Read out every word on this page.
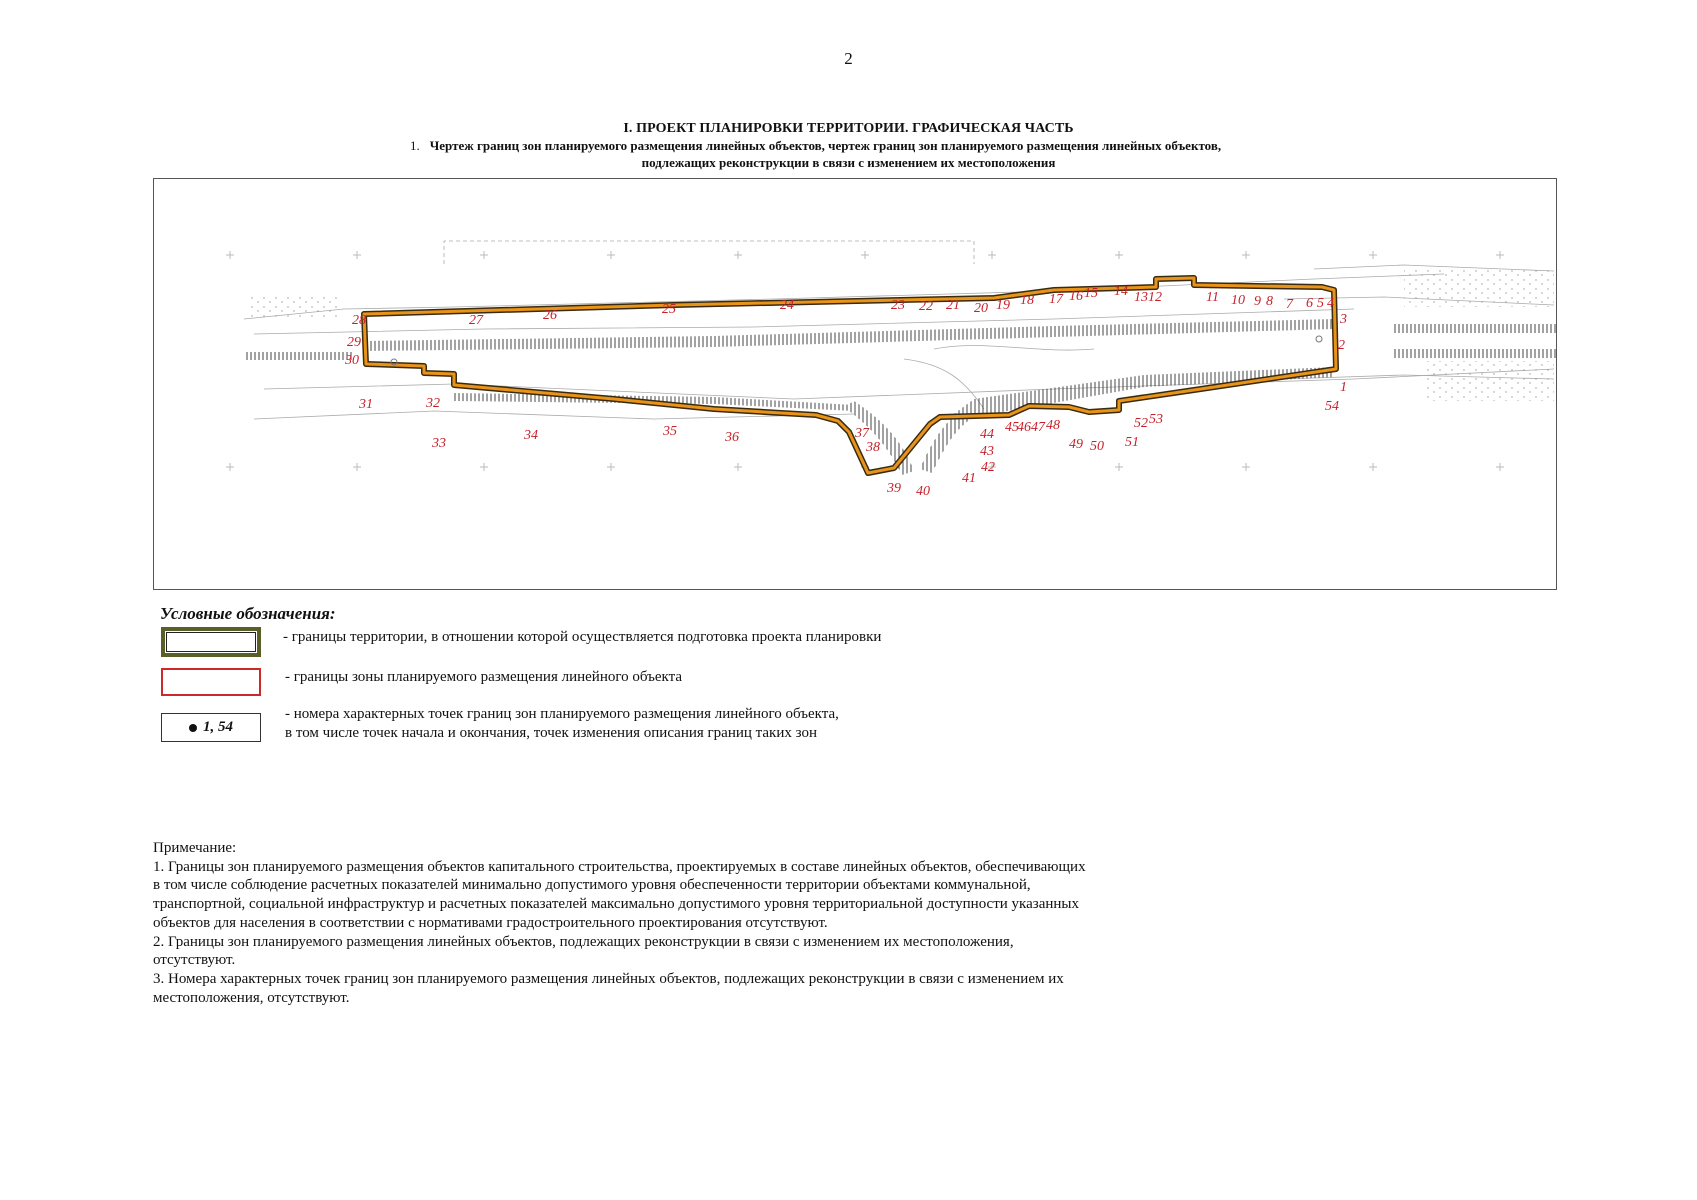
2
I. ПРОЕКТ ПЛАНИРОВКИ ТЕРРИТОРИИ. ГРАФИЧЕСКАЯ ЧАСТЬ
1. Чертеж границ зон планируемого размещения линейных объектов, чертеж границ зон планируемого размещения линейных объектов,
подлежащих реконструкции в связи с изменением их местоположения
1
2
3
4
5
6
7
8
9
10
11
12
13
14
15
16
17
18
19
20
21
22
23
24
25
26
27
28
29
30
31	32
33
34	35	36	37
38
39 40
41
42
43
44 45
46 47 48
49 50 51
52 53
54
Условные обозначения:
- границы территории, в отношении которой осуществляется подготовка проекта планировки
- границы зоны планируемого размещения линейного объекта
1, 54
- номера характерных точек границ зон планируемого размещения линейного объекта,
в том числе точек начала и окончания, точек изменения описания границ таких зон

Примечание:

1. Границы зон планируемого размещения объектов капитального строительства, проектируемых в составе линейных объектов, обеспечивающих в том числе соблюдение расчетных показателей минимально допустимого уровня обеспеченности территории объектами коммунальной, транспортной, социальной инфраструктур и расчетных показателей максимально допустимого уровня территориальной доступности указанных объектов для населения в соответствии с нормативами градостроительного проектирования отсутствуют.

2. Границы зон планируемого размещения линейных объектов, подлежащих реконструкции в связи с изменением их местоположения, отсутствуют.

3. Номера характерных точек границ зон планируемого размещения линейных объектов, подлежащих реконструкции в связи с изменением их местоположения, отсутствуют.
